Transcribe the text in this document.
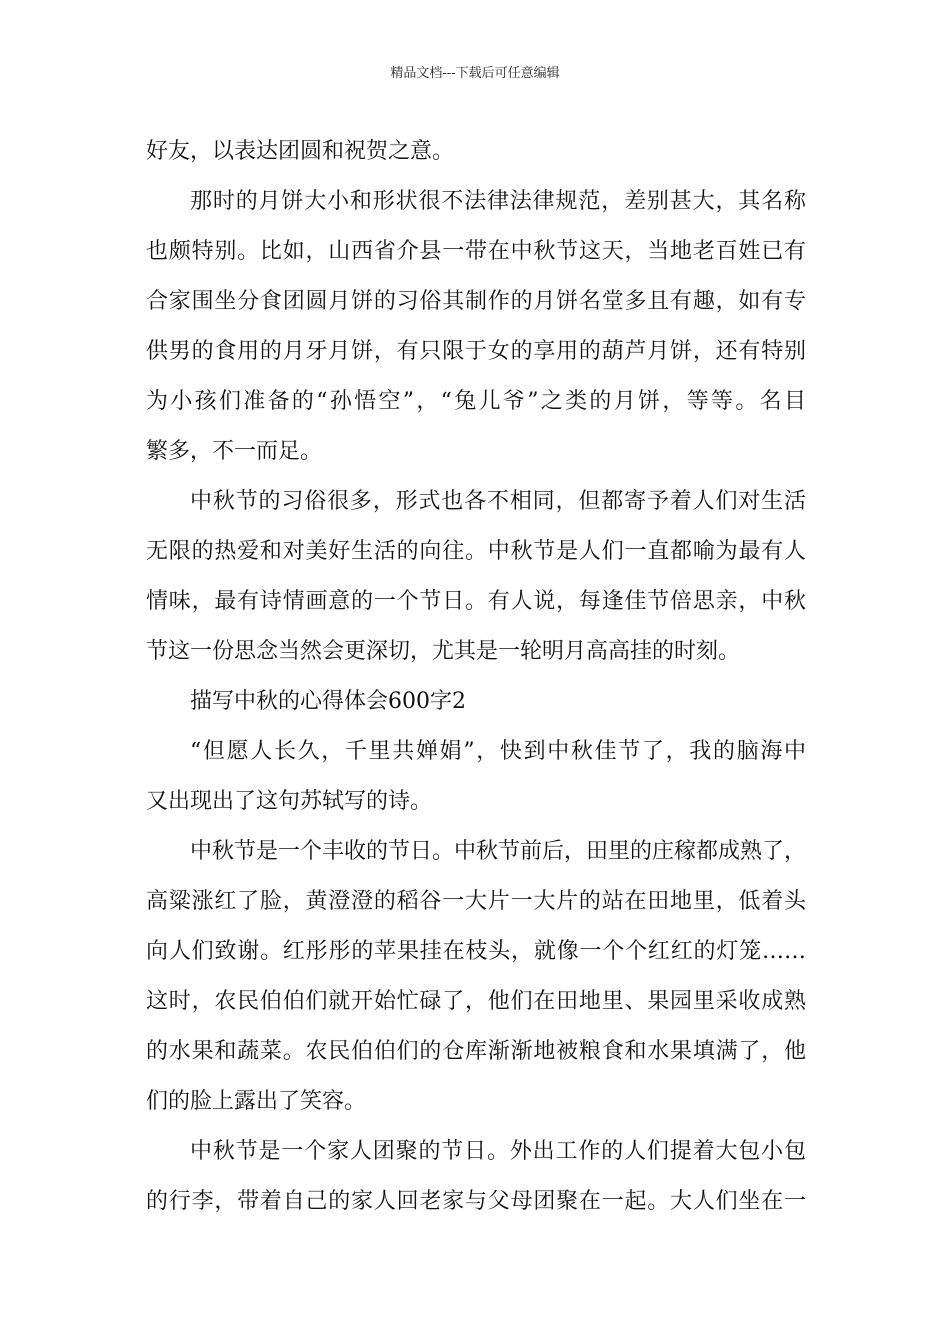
精品文档---下载后可任意编辑
好友，以表达团圆和祝贺之意。
那时的月饼大小和形状很不法律法律规范，差别甚大，其名称
也颇特别。比如，山西省介县一带在中秋节这天，当地老百姓已有
合家围坐分食团圆月饼的习俗其制作的月饼名堂多且有趣，如有专
供男的食用的月牙月饼，有只限于女的享用的葫芦月饼，还有特别
为小孩们准备的“孙悟空”，“兔儿爷”之类的月饼，等等。名目
繁多，不一而足。
中秋节的习俗很多，形式也各不相同，但都寄予着人们对生活
无限的热爱和对美好生活的向往。中秋节是人们一直都喻为最有人
情味，最有诗情画意的一个节日。有人说，每逢佳节倍思亲，中秋
节这一份思念当然会更深切，尤其是一轮明月高高挂的时刻。
描写中秋的心得体会600字2
“但愿人长久，千里共婵娟”，快到中秋佳节了，我的脑海中
又出现出了这句苏轼写的诗。
中秋节是一个丰收的节日。中秋节前后，田里的庄稼都成熟了，
高粱涨红了脸，黄澄澄的稻谷一大片一大片的站在田地里，低着头
向人们致谢。红彤彤的苹果挂在枝头，就像一个个红红的灯笼……
这时，农民伯伯们就开始忙碌了，他们在田地里、果园里采收成熟
的水果和蔬菜。农民伯伯们的仓库渐渐地被粮食和水果填满了，他
们的脸上露出了笑容。
中秋节是一个家人团聚的节日。外出工作的人们提着大包小包
的行李，带着自己的家人回老家与父母团聚在一起。大人们坐在一
